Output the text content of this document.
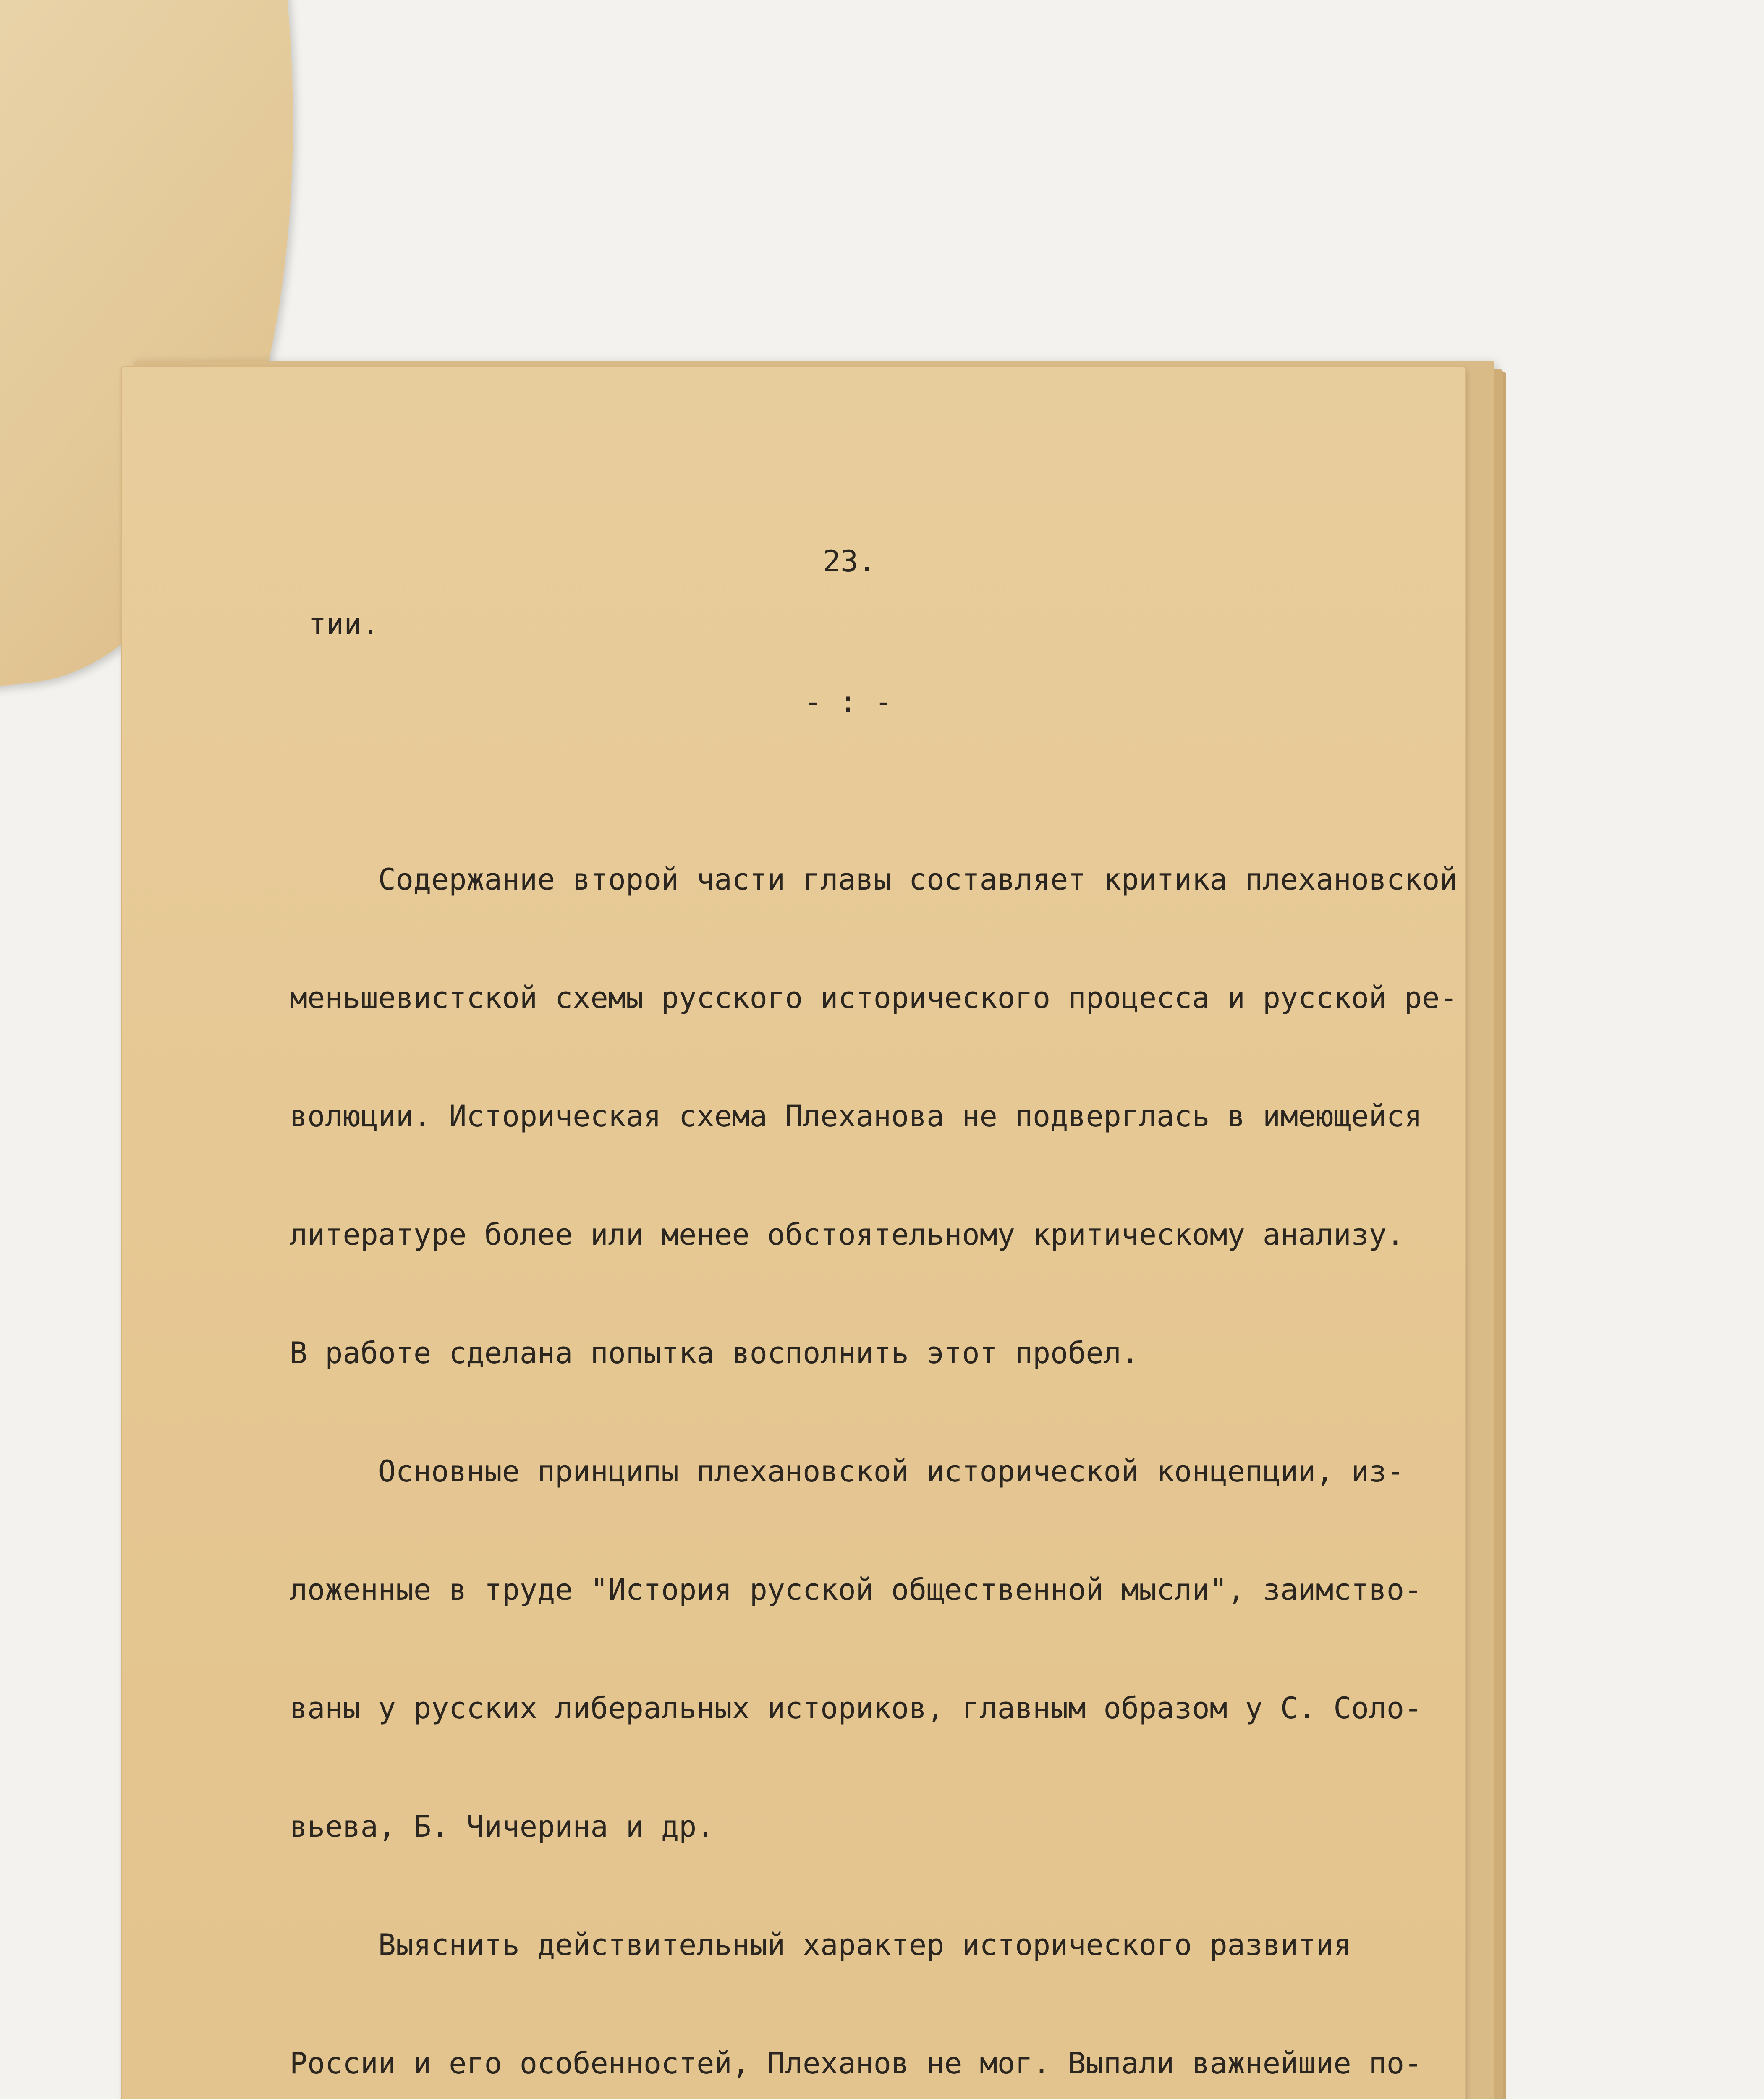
23.
тии.
- : -

Содержание второй части главы составляет критика плехановской

меньшевистской схемы русского исторического процесса и русской ре-

волюции. Историческая схема Плеханова не подверглась в имеющейся

литературе более или менее обстоятельному критическому анализу.

В работе сделана попытка восполнить этот пробел.

Основные принципы плехановской исторической концепции, из-

ложенные в труде "История русской общественной мысли", заимство-

ваны у русских либеральных историков, главным образом у С. Соло-

вьева, Б. Чичерина и др.

Выяснить действительный характер исторического развития

России и его особенностей, Плеханов не мог. Выпали важнейшие по-
